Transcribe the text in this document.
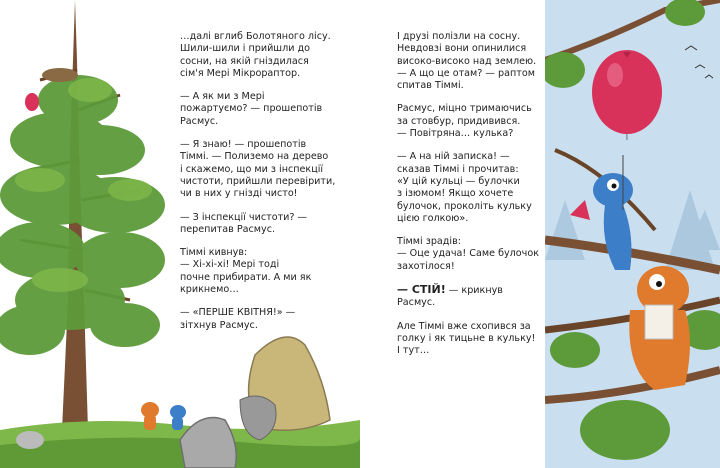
…далі вглиб Болотяного лісу.
Шили-шили і прийшли до
сосни, на якій гніздилася
сім'я Мері Мікрораптор.

— А як ми з Мері
пожартуємо? — прошепотів
Расмус.

— Я знаю! — прошепотів
Тіммі. — Полиземо на дерево
і скажемо, що ми з інспекції
чистоти, прийшли перевірити,
чи в них у гнізді чисто!

— З інспекції чистоти? —
перепитав Расмус.

Тіммі кивнув:
— Хі-хі-хі! Мері тоді
почне прибирати. А ми як
крикнемо…

— «ПЕРШЕ КВІТНЯ!» —
зітхнув Расмус.

І друзі полізли на сосну.
Невдовзі вони опинилися
високо-високо над землею.
— А що це отам? — раптом
спитав Тіммі.

Расмус, міцно тримаючись
за стовбур, придивився.
— Повітряна… кулька?

— А на ній записка! —
сказав Тіммі і прочитав:
«У цій кульці — булочки
з ізюмом! Якщо хочете
булочок, проколіть кульку
цією голкою».

Тіммі зрадів:
— Оце удача! Саме булочок
захотілося!

— СТІЙ! — крикнув
Расмус.

Але Тіммі вже схопився за
голку і як тицьне в кульку!
І тут…
